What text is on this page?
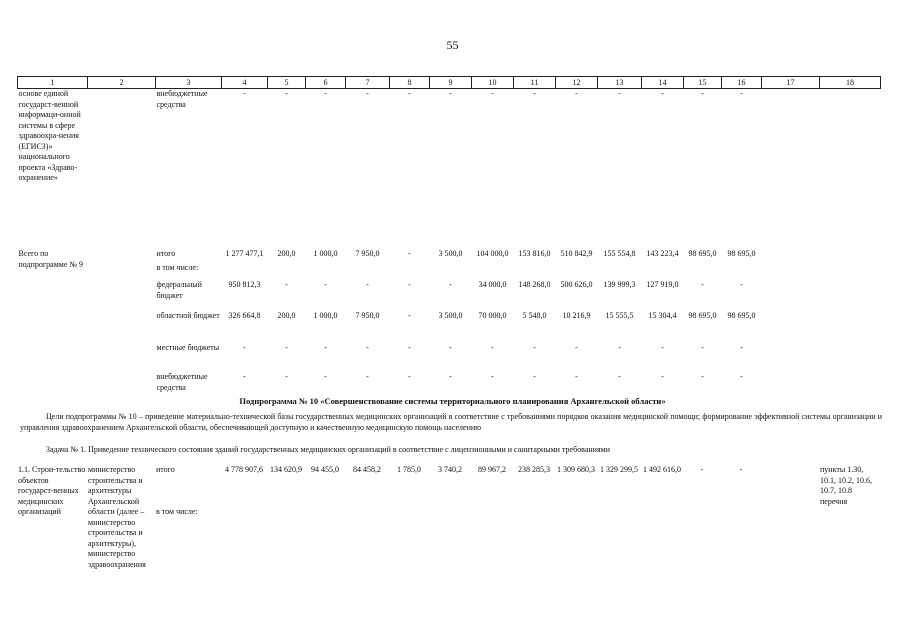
55
1	2	3	4	5	6	7	8	9	10	11	12	13	14	15	16	17	18
основе единой государст-венной информаци-онной системы в сфере здравоохра-нения (ЕГИСЗ)» национального проекта «Здраво-охранение»		внебюджетные средства	-	-	-	-	-	-	-	-	-	-	-	-	-		

Всего по подпрограмме № 9		итого	1 277 477,1	200,0	1 000,0	7 950,0	-	3 500,0	104 000,0	153 816,0	510 842,9	155 554,8	143 223,4	98 695,0	98 695,0		
		в том числе:															
		федеральный бюджет	950 812,3	-	-	-	-	-	34 000,0	148 268,0	500 626,0	139 999,3	127 919,0	-	-		
		областной бюджет	326 664,8	200,0	1 000,0	7 950,0	-	3 500,0	70 000,0	5 548,0	10 216,9	15 555,5	15 304,4	98 695,0	98 695,0		
		местные бюджеты	-	-	-	-	-	-	-	-	-	-	-	-	-		
		внебюджетные средства	-	-	-	-	-	-	-	-	-	-	-	-	-		
Подпрограмма № 10 «Совершенствование системы территориального планирования Архангельской области»
Цели подпрограммы № 10 – приведение материально-технической базы государственных медицинских организаций в соответствие с требованиями порядков оказания медицинской помощи; формирование эффективной системы организации и управления здравоохранением Архангельской области, обеспечивающей доступную и качественную медицинскую помощь населению
Задача № 1. Приведение технического состояния зданий государственных медицинских организаций в соответствие с лицензионными и санитарными требованиями
1.1. Строи-тельство объектов государст-венных медицинских организаций	министерство строительства и архитектуры Архангельской области (далее – министерство строительства и архитектуры), министерство здравоохранения	итого	4 778 907,6	134 620,9	94 455,0	84 458,2	1 785,0	3 740,2	89 967,2	238 285,3	1 309 680,3	1 329 299,5	1 492 616,0	-	-		пункты 1.30, 10.1, 10.2, 10.6, 10.7, 10.8 перечня
		в том числе:															
